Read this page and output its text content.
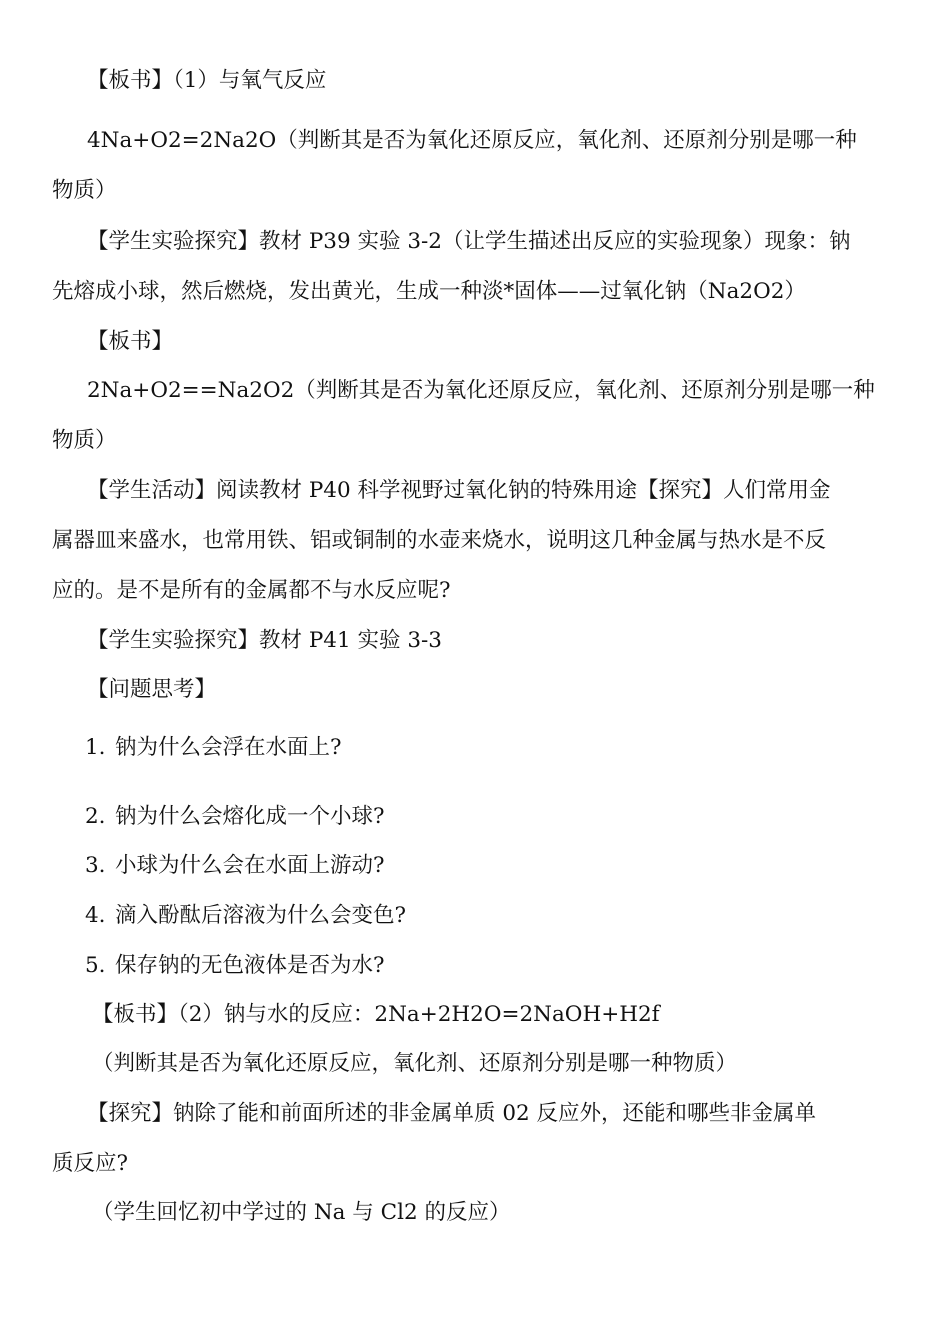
【板书】（1）与氧气反应
4Na+O2=2Na2O（判断其是否为氧化还原反应，氧化剂、还原剂分别是哪一种
物质）
【学生实验探究】教材 P39 实验 3-2（让学生描述出反应的实验现象）现象：钠
先熔成小球，然后燃烧，发出黄光，生成一种淡*固体——过氧化钠（Na2O2）
【板书】
2Na+O2==Na2O2（判断其是否为氧化还原反应，氧化剂、还原剂分别是哪一种
物质）
【学生活动】阅读教材 P40 科学视野过氧化钠的特殊用途【探究】人们常用金
属器皿来盛水，也常用铁、铝或铜制的水壶来烧水，说明这几种金属与热水是不反
应的。是不是所有的金属都不与水反应呢?
【学生实验探究】教材 P41 实验 3-3
【问题思考】
1. 钠为什么会浮在水面上?
2. 钠为什么会熔化成一个小球?
3. 小球为什么会在水面上游动?
4. 滴入酚酞后溶液为什么会变色?
5. 保存钠的无色液体是否为水?
【板书】（2）钠与水的反应：2Na+2H2O=2NaOH+H2f
（判断其是否为氧化还原反应，氧化剂、还原剂分别是哪一种物质）
【探究】钠除了能和前面所述的非金属单质 02 反应外，还能和哪些非金属单
质反应?
（学生回忆初中学过的 Na 与 Cl2 的反应）
